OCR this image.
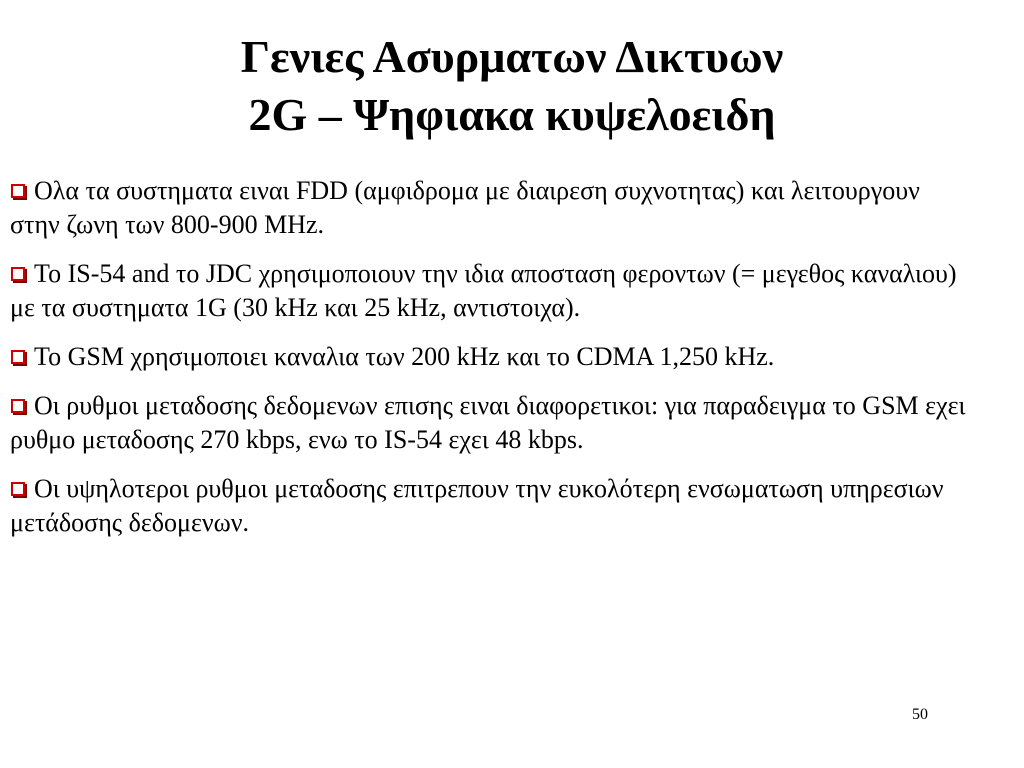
Γενιες Ασυρματων Δικτυων
2G – Ψηφιακα κυψελοειδη
Ολα τα συστηματα ειναι FDD (αμφιδρομα με διαιρεση συχνοτητας) και λειτουργουν στην ζωνη των 800-900 MHz.
Το IS-54 and το JDC χρησιμοποιουν την ιδια αποσταση φεροντων (= μεγεθος καναλιου) με τα συστηματα 1G (30 kHz και 25 kHz, αντιστοιχα).
Το GSM χρησιμοποιει καναλια των 200 kHz και το CDMA 1,250 kHz.
Οι ρυθμοι μεταδοσης δεδομενων επισης ειναι διαφορετικοι: για παραδειγμα το GSM εχει ρυθμο μεταδοσης 270 kbps, ενω το IS-54 εχει 48 kbps.
Οι υψηλοτεροι ρυθμοι μεταδοσης επιτρεπουν την ευκολότερη ενσωματωση υπηρεσιων μετάδοσης δεδομενων.
50
